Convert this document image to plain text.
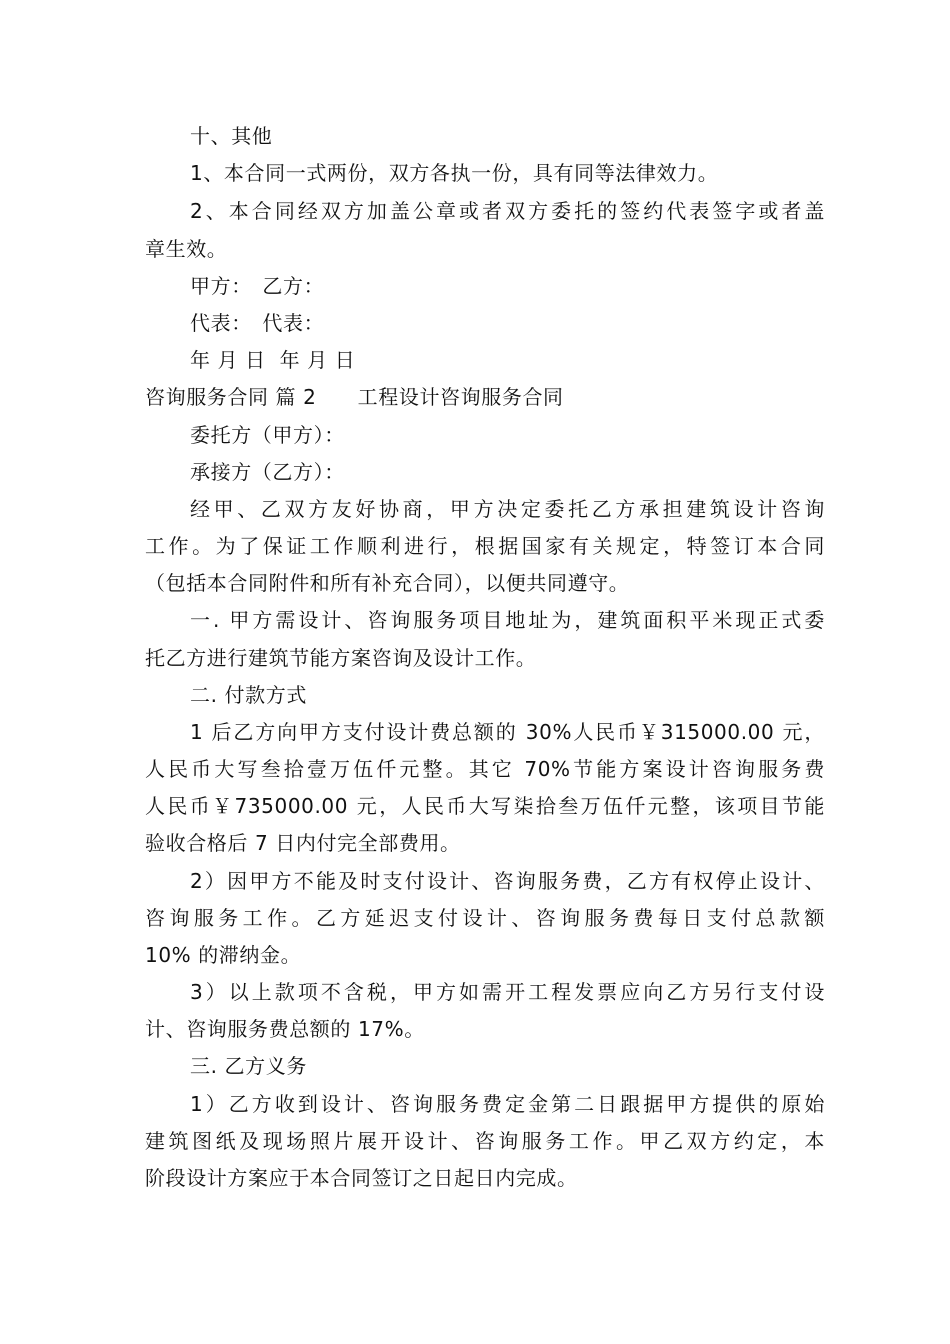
十、其他
1、本合同一式两份，双方各执一份，具有同等法律效力。
2、本合同经双方加盖公章或者双方委托的签约代表签字或者盖
章生效。
甲方：　乙方：
代表：　代表：
年 月 日  年 月 日
咨询服务合同 篇 2　　工程设计咨询服务合同
委托方（甲方）：
承接方（乙方）：
经甲、乙双方友好协商，甲方决定委托乙方承担建筑设计咨询
工作。为了保证工作顺利进行，根据国家有关规定，特签订本合同
（包括本合同附件和所有补充合同），以便共同遵守。
一. 甲方需设计、咨询服务项目地址为，建筑面积平米现正式委
托乙方进行建筑节能方案咨询及设计工作。
二. 付款方式
1 后乙方向甲方支付设计费总额的 30%人民币￥315000.00 元，
人民币大写叁拾壹万伍仟元整。其它 70%节能方案设计咨询服务费
人民币￥735000.00 元，人民币大写柒拾叁万伍仟元整，该项目节能
验收合格后 7 日内付完全部费用。
2）因甲方不能及时支付设计、咨询服务费，乙方有权停止设计、
咨询服务工作。乙方延迟支付设计、咨询服务费每日支付总款额
10% 的滞纳金。
3）以上款项不含税，甲方如需开工程发票应向乙方另行支付设
计、咨询服务费总额的 17%。
三. 乙方义务
1）乙方收到设计、咨询服务费定金第二日跟据甲方提供的原始
建筑图纸及现场照片展开设计、咨询服务工作。甲乙双方约定，本
阶段设计方案应于本合同签订之日起日内完成。
